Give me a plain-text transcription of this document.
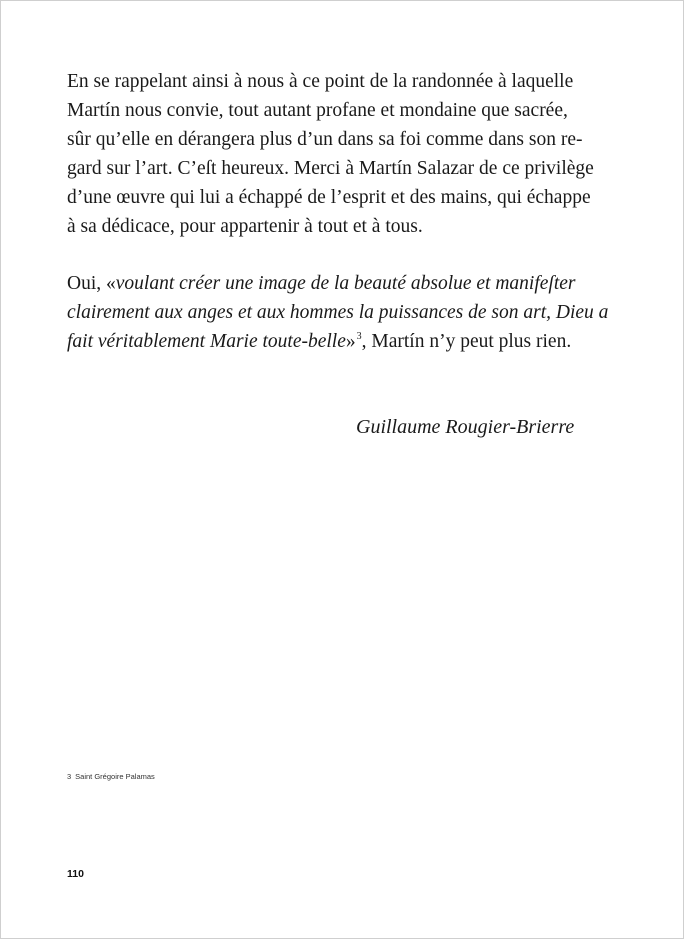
En se rappelant ainsi à nous à ce point de la randonnée à laquelle
Martín nous convie, tout autant profane et mondaine que sacrée,
sûr qu’elle en dérangera plus d’un dans sa foi comme dans son re-
gard sur l’art. C’eſt heureux. Merci à Martín Salazar de ce privilège
d’une œuvre qui lui a échappé de l’esprit et des mains, qui échappe
à sa dédicace, pour appartenir à tout et à tous.

Oui, «voulant créer une image de la beauté absolue et manifeſter
clairement aux anges et aux hommes la puissances de son art, Dieu a
fait véritablement Marie toute-belle»$^3$, Martín n’y peut plus rien.

Guillaume Rougier-Brierre

3 Saint Grégoire Palamas
110
